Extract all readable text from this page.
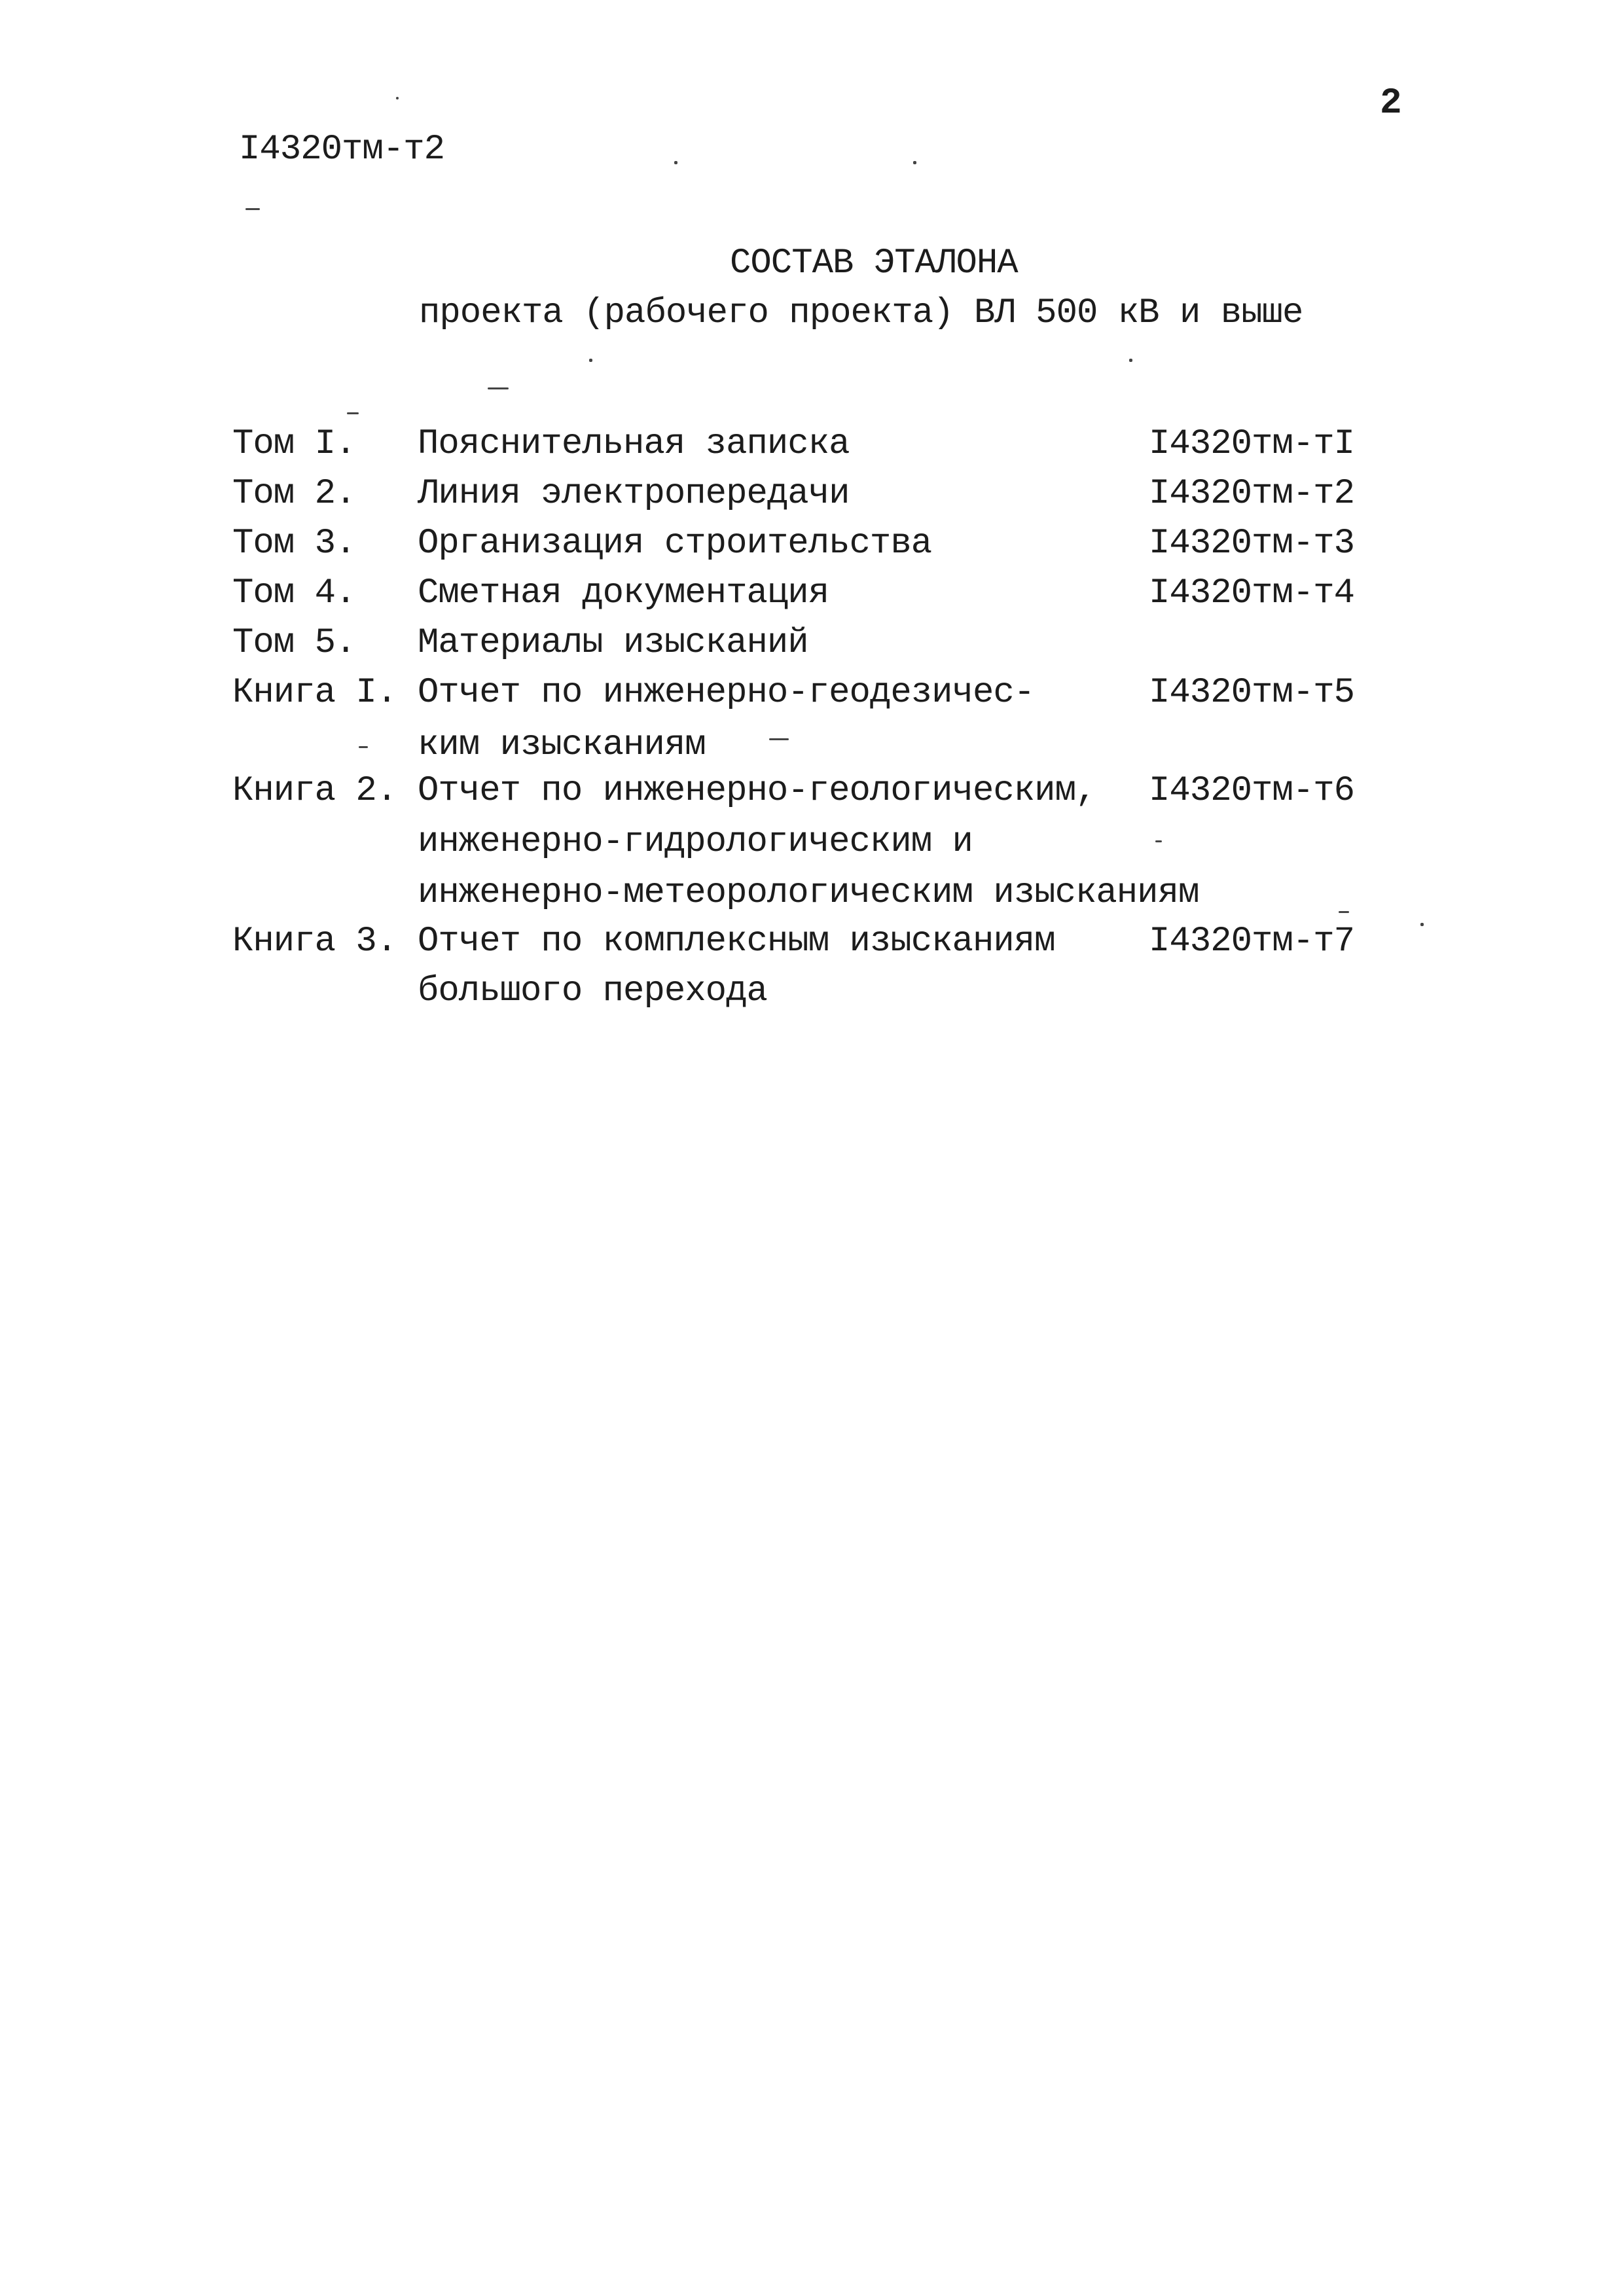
I4320тм-т2
2
СОСТАВ ЭТАЛОНА
проекта (рабочего проекта) ВЛ 500 кВ и выше
Том I. Пояснительная записка	I4320тм-тI
Том 2. Линия электропередачи	I4320тм-т2
Том 3. Организация строительства	I4320тм-т3
Том 4. Сметная документация	I4320тм-т4
Том 5. Материалы изысканий
Книга I. Отчет по инженерно-геодезичес-	I4320тм-т5
ким изысканиям
Книга 2. Отчет по инженерно-геологическим, I4320тм-т6
инженерно-гидрологическим и
инженерно-метеорологическим изысканиям
Книга 3. Отчет по комплексным изысканиям	I4320тм-т7
большого перехода
